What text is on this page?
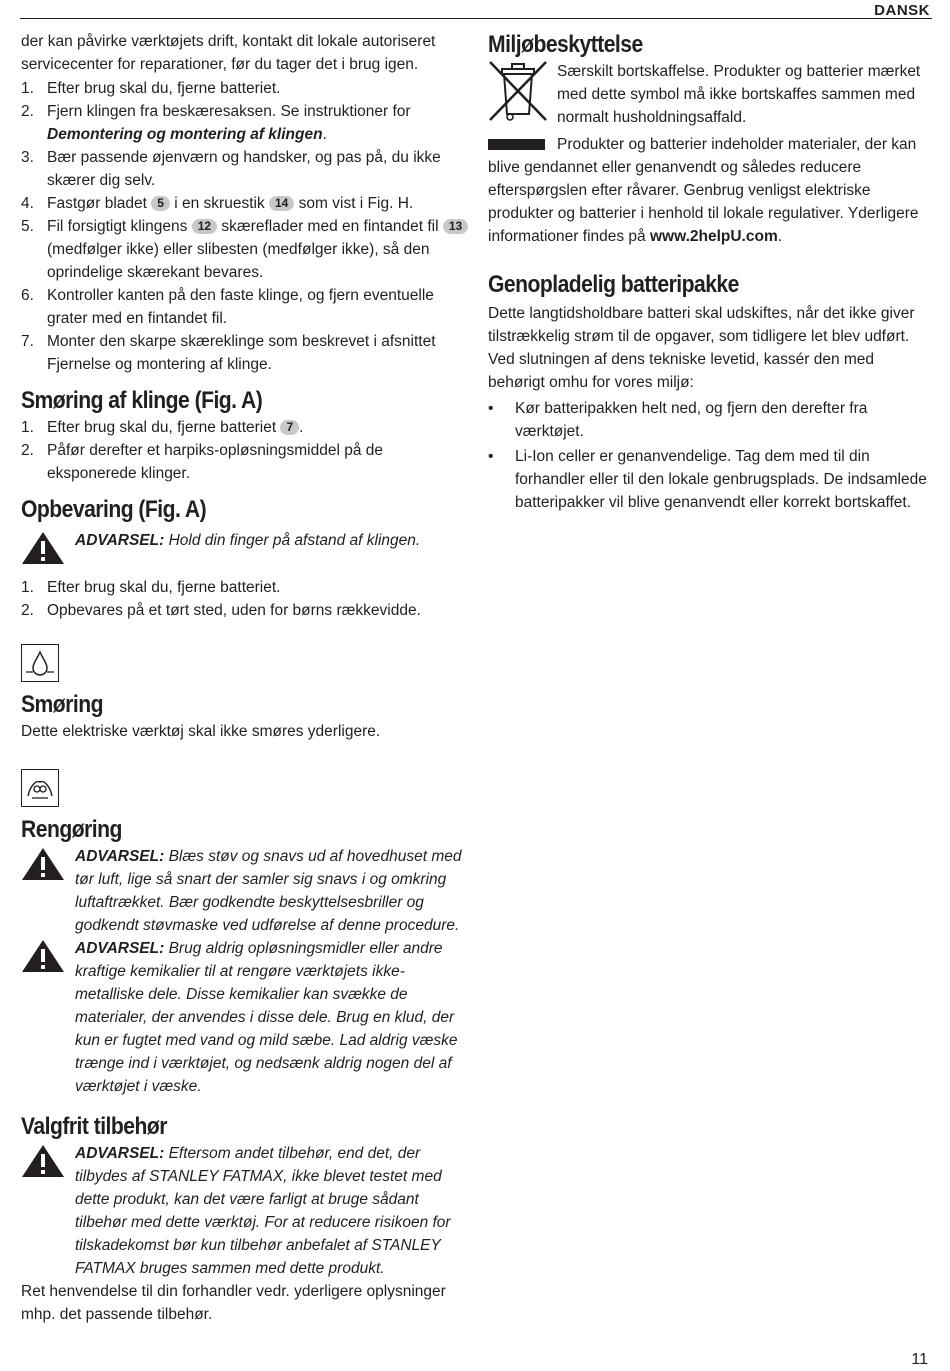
DANSK
11

der kan påvirke værktøjets drift, kontakt dit lokale autoriseret servicecenter for reparationer, før du tager det i brug igen.

1. Efter brug skal du, fjerne batteriet.
2. Fjern klingen fra beskæresaksen. Se instruktioner for Demontering og montering af klingen.
3. Bær passende øjenværn og handsker, og pas på, du ikke skærer dig selv.
4. Fastgør bladet 5 i en skruestik 14 som vist i Fig. H.
5. Fil forsigtigt klingens 12 skæreflader med en fintandet fil 13 (medfølger ikke) eller slibesten (medfølger ikke), så den oprindelige skærekant bevares.
6. Kontroller kanten på den faste klinge, og fjern eventuelle grater med en fintandet fil.
7. Monter den skarpe skæreklinge som beskrevet i afsnittet Fjernelse og montering af klinge.
Smøring af klinge (Fig. A)
1. Efter brug skal du, fjerne batteriet 7 .
2. Påfør derefter et harpiks-opløsningsmiddel på de eksponerede klinger.
Opbevaring (Fig. A)
ADVARSEL: Hold din finger på afstand af klingen.
1. Efter brug skal du, fjerne batteriet.
2. Opbevares på et tørt sted, uden for børns rækkevidde.
Smøring

Dette elektriske værktøj skal ikke smøres yderligere.

Rengøring
ADVARSEL: Blæs støv og snavs ud af hovedhuset med tør luft, lige så snart der samler sig snavs i og omkring luftaftrækket. Bær godkendte beskyttelsesbriller og godkendt støvmaske ved udførelse af denne procedure.
ADVARSEL: Brug aldrig opløsningsmidler eller andre kraftige kemikalier til at rengøre værktøjets ikke-metalliske dele. Disse kemikalier kan svække de materialer, der anvendes i disse dele. Brug en klud, der kun er fugtet med vand og mild sæbe. Lad aldrig væske trænge ind i værktøjet, og nedsænk aldrig nogen del af værktøjet i væske.
Valgfrit tilbehør
ADVARSEL: Eftersom andet tilbehør, end det, der tilbydes af STANLEY FATMAX, ikke blevet testet med dette produkt, kan det være farligt at bruge sådant tilbehør med dette værktøj. For at reducere risikoen for tilskadekomst bør kun tilbehør anbefalet af STANLEY FATMAX bruges sammen med dette produkt.

Ret henvendelse til din forhandler vedr. yderligere oplysninger mhp. det passende tilbehør.

Miljøbeskyttelse
Særskilt bortskaffelse. Produkter og batterier mærket med dette symbol må ikke bortskaffes sammen med normalt husholdningsaffald.
Produkter og batterier indeholder materialer, der kan blive gendannet eller genanvendt og således reducere efterspørgslen efter råvarer. Genbrug venligst elektriske produkter og batterier i henhold til lokale regulativer. Yderligere informationer findes på www.2helpU.com.
Genopladelig batteripakke

Dette langtidsholdbare batteri skal udskiftes, når det ikke giver tilstrækkelig strøm til de opgaver, som tidligere let blev udført. Ved slutningen af dens tekniske levetid, kassér den med behørigt omhu for vores miljø:

•	Kør batteripakken helt ned, og fjern den derefter fra værktøjet.
•	Li-Ion celler er genanvendelige. Tag dem med til din forhandler eller til den lokale genbrugsplads. De indsamlede batteripakker vil blive genanvendt eller korrekt bortskaffet.
